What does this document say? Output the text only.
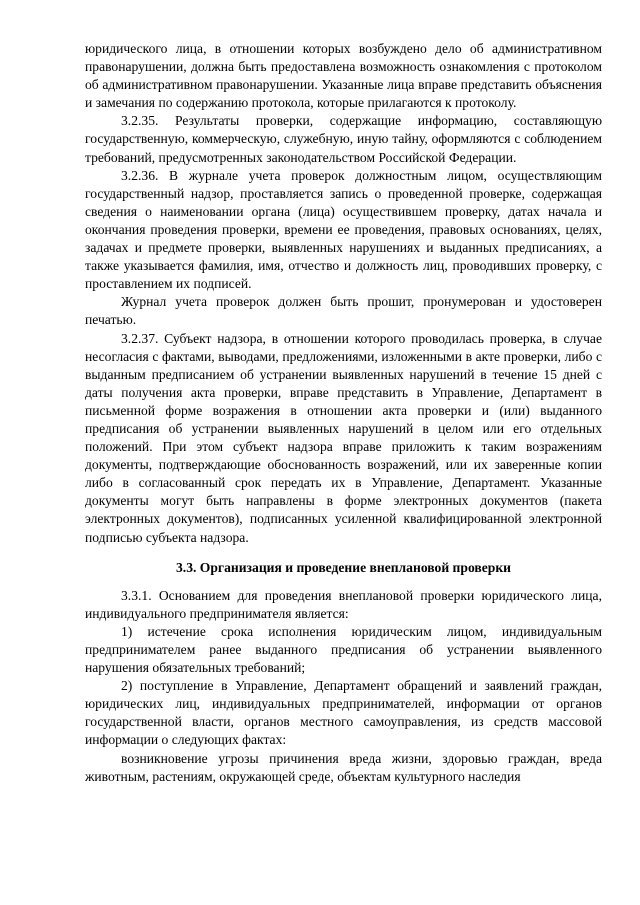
юридического лица, в отношении которых возбуждено дело об административном правонарушении, должна быть предоставлена возможность ознакомления с протоколом об административном правонарушении. Указанные лица вправе представить объяснения и замечания по содержанию протокола, которые прилагаются к протоколу.

3.2.35. Результаты проверки, содержащие информацию, составляющую государственную, коммерческую, служебную, иную тайну, оформляются с соблюдением требований, предусмотренных законодательством Российской Федерации.

3.2.36. В журнале учета проверок должностным лицом, осуществляющим государственный надзор, проставляется запись о проведенной проверке, содержащая сведения о наименовании органа (лица) осуществившем проверку, датах начала и окончания проведения проверки, времени ее проведения, правовых основаниях, целях, задачах и предмете проверки, выявленных нарушениях и выданных предписаниях, а также указывается фамилия, имя, отчество и должность лиц, проводивших проверку, с проставлением их подписей.

Журнал учета проверок должен быть прошит, пронумерован и удостоверен печатью.

3.2.37. Субъект надзора, в отношении которого проводилась проверка, в случае несогласия с фактами, выводами, предложениями, изложенными в акте проверки, либо с выданным предписанием об устранении выявленных нарушений в течение 15 дней с даты получения акта проверки, вправе представить в Управление, Департамент в письменной форме возражения в отношении акта проверки и (или) выданного предписания об устранении выявленных нарушений в целом или его отдельных положений. При этом субъект надзора вправе приложить к таким возражениям документы, подтверждающие обоснованность возражений, или их заверенные копии либо в согласованный срок передать их в Управление, Департамент. Указанные документы могут быть направлены в форме электронных документов (пакета электронных документов), подписанных усиленной квалифицированной электронной подписью субъекта надзора.

3.3. Организация и проведение внеплановой проверки

3.3.1. Основанием для проведения внеплановой проверки юридического лица, индивидуального предпринимателя является:

1) истечение срока исполнения юридическим лицом, индивидуальным предпринимателем ранее выданного предписания об устранении выявленного нарушения обязательных требований;

2) поступление в Управление, Департамент обращений и заявлений граждан, юридических лиц, индивидуальных предпринимателей, информации от органов государственной власти, органов местного самоуправления, из средств массовой информации о следующих фактах:

возникновение угрозы причинения вреда жизни, здоровью граждан, вреда животным, растениям, окружающей среде, объектам культурного наследия
